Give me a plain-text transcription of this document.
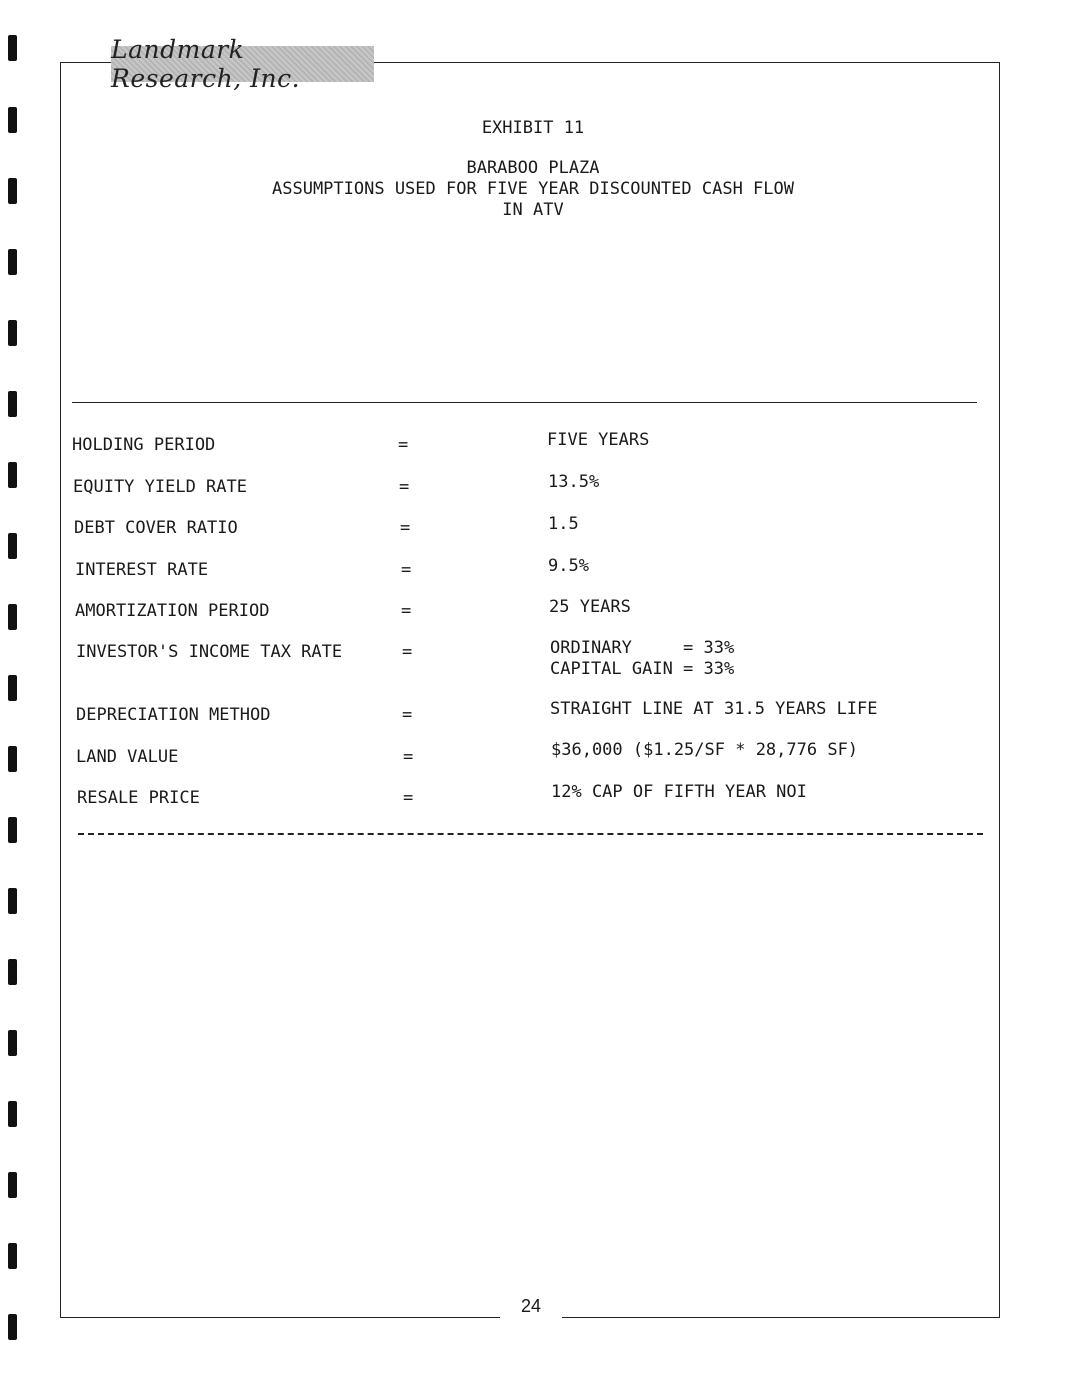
Landmark Research, Inc.
EXHIBIT 11
BARABOO PLAZA
ASSUMPTIONS USED FOR FIVE YEAR DISCOUNTED CASH FLOW
IN ATV
HOLDING PERIOD	=	FIVE YEARS
EQUITY YIELD RATE	=	13.5%
DEBT COVER RATIO	=	1.5
INTEREST RATE	=	9.5%
AMORTIZATION PERIOD	=	25 YEARS
INVESTOR'S INCOME TAX RATE	=	ORDINARY     = 33%
CAPITAL GAIN = 33%
DEPRECIATION METHOD	=	STRAIGHT LINE AT 31.5 YEARS LIFE
LAND VALUE	=	$36,000 ($1.25/SF * 28,776 SF)
RESALE PRICE	=	12% CAP OF FIFTH YEAR NOI
24
